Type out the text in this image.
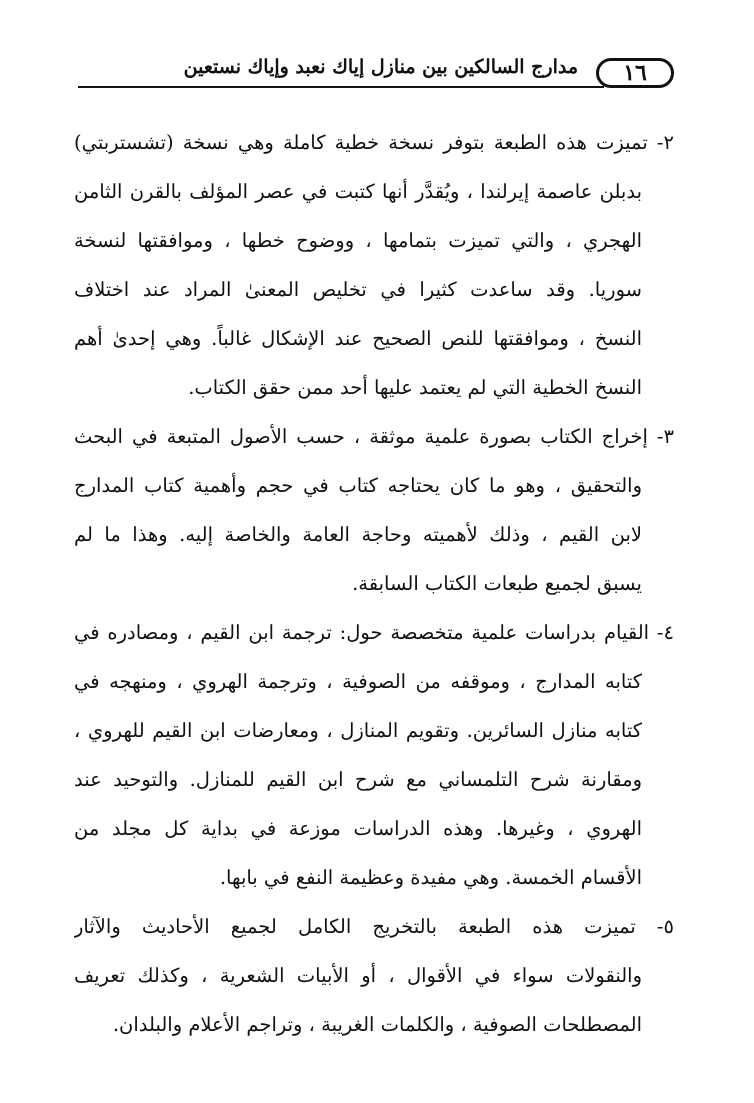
١٦
مدارج السالكين بين منازل إياك نعبد وإياك نستعين
٢- تميزت هذه الطبعة بتوفر نسخة خطية كاملة وهي نسخة (تشستربتي)
بدبلن عاصمة إيرلندا ، ويُقدَّر أنها كتبت في عصر المؤلف بالقرن الثامن
الهجري ، والتي تميزت بتمامها ، ووضوح خطها ، وموافقتها لنسخة
سوريا. وقد ساعدت كثيرا في تخليص المعنىٰ المراد عند اختلاف
النسخ ، وموافقتها للنص الصحيح عند الإشكال غالباً. وهي إحدىٰ أهم
النسخ الخطية التي لم يعتمد عليها أحد ممن حقق الكتاب.
٣- إخراج الكتاب بصورة علمية موثقة ، حسب الأصول المتبعة في البحث
والتحقيق ، وهو ما كان يحتاجه كتاب في حجم وأهمية كتاب المدارج
لابن القيم ، وذلك لأهميته وحاجة العامة والخاصة إليه. وهذا ما لم
يسبق لجميع طبعات الكتاب السابقة.
٤- القيام بدراسات علمية متخصصة حول: ترجمة ابن القيم ، ومصادره في
كتابه المدارج ، وموقفه من الصوفية ، وترجمة الهروي ، ومنهجه في
كتابه منازل السائرين. وتقويم المنازل ، ومعارضات ابن القيم للهروي ،
ومقارنة شرح التلمساني مع شرح ابن القيم للمنازل. والتوحيد عند
الهروي ، وغيرها. وهذه الدراسات موزعة في بداية كل مجلد من
الأقسام الخمسة. وهي مفيدة وعظيمة النفع في بابها.
٥- تميزت هذه الطبعة بالتخريج الكامل لجميع الأحاديث والآثار
والنقولات سواء في الأقوال ، أو الأبيات الشعرية ، وكذلك تعريف
المصطلحات الصوفية ، والكلمات الغريبة ، وتراجم الأعلام والبلدان.
